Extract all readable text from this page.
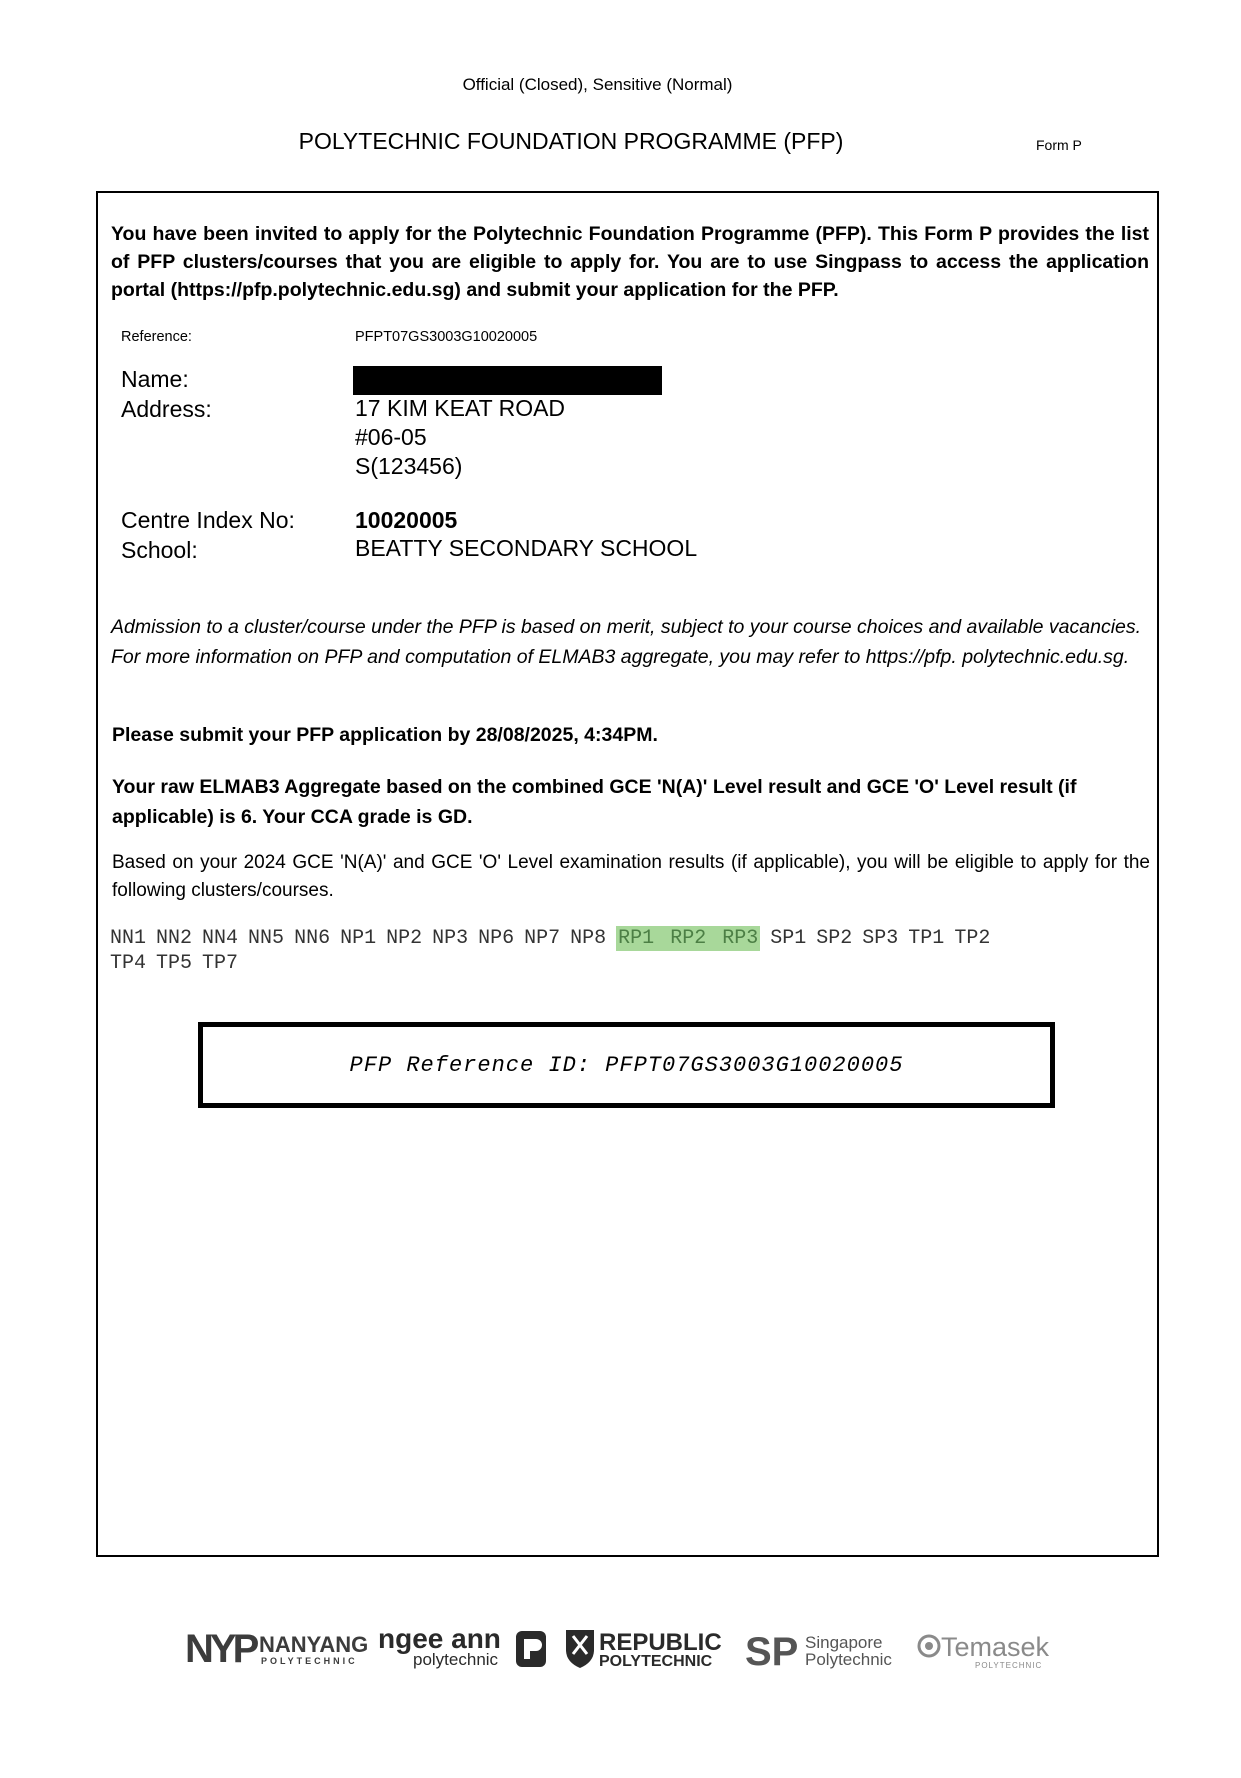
Official (Closed), Sensitive (Normal)
POLYTECHNIC FOUNDATION PROGRAMME (PFP)	Form P
You have been invited to apply for the Polytechnic Foundation Programme (PFP). This Form P provides the list of PFP clusters/courses that you are eligible to apply for. You are to use Singpass to access the application portal (https://pfp.polytechnic.edu.sg) and submit your application for the PFP.
Reference:	PFPT07GS3003G10020005
Name:
Address:	17 KIM KEAT ROAD
#06-05
S(123456)
Centre Index No:	10020005
School:	BEATTY SECONDARY SCHOOL
Admission to a cluster/course under the PFP is based on merit, subject to your course choices and available vacancies. For more information on PFP and computation of ELMAB3 aggregate, you may refer to https://pfp. polytechnic.edu.sg.
Please submit your PFP application by 28/08/2025, 4:34PM.
Your raw ELMAB3 Aggregate based on the combined GCE 'N(A)' Level result and GCE 'O' Level result (if applicable) is 6. Your CCA grade is GD.
Based on your 2024 GCE 'N(A)' and GCE 'O' Level examination results (if applicable), you will be eligible to apply for the following clusters/courses.
NN1 NN2 NN4 NN5 NN6 NP1 NP2 NP3 NP6 NP7 NP8 RP1 RP2 RP3 SP1 SP2 SP3 TP1 TP2
TP4 TP5 TP7
PFP Reference ID: PFPT07GS3003G10020005
NYP NANYANG
POLYTECHNIC
ngee ann
polytechnic
REPUBLIC
POLYTECHNIC SP Singapore
Polytechnic Temasek
POLYTECHNIC
